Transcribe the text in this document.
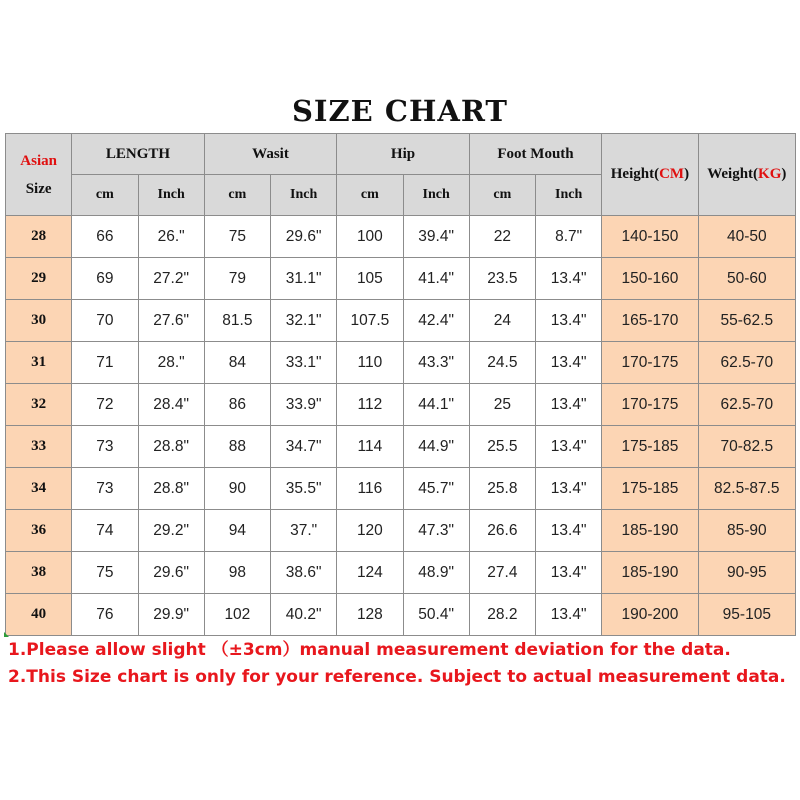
SIZE CHART
Asian
Size	LENGTH		Wasit		Hip		Foot Mouth		Height(CM)	Weight(KG)
	cm	Inch	cm	Inch	cm	Inch	cm	Inch		
28	66	26."	75	29.6"	100	39.4"	22	8.7"	140-150	40-50
29	69	27.2"	79	31.1"	105	41.4"	23.5	13.4"	150-160	50-60
30	70	27.6"	81.5	32.1"	107.5	42.4"	24	13.4"	165-170	55-62.5
31	71	28."	84	33.1"	110	43.3"	24.5	13.4"	170-175	62.5-70
32	72	28.4"	86	33.9"	112	44.1"	25	13.4"	170-175	62.5-70
33	73	28.8"	88	34.7"	114	44.9"	25.5	13.4"	175-185	70-82.5
34	73	28.8"	90	35.5"	116	45.7"	25.8	13.4"	175-185	82.5-87.5
36	74	29.2"	94	37."	120	47.3"	26.6	13.4"	185-190	85-90
38	75	29.6"	98	38.6"	124	48.9"	27.4	13.4"	185-190	90-95
40	76	29.9"	102	40.2"	128	50.4"	28.2	13.4"	190-200	95-105
1.Please allow slight （±3cm）manual measurement deviation for the data.
2.This Size chart is only for your reference. Subject to actual measurement data.
